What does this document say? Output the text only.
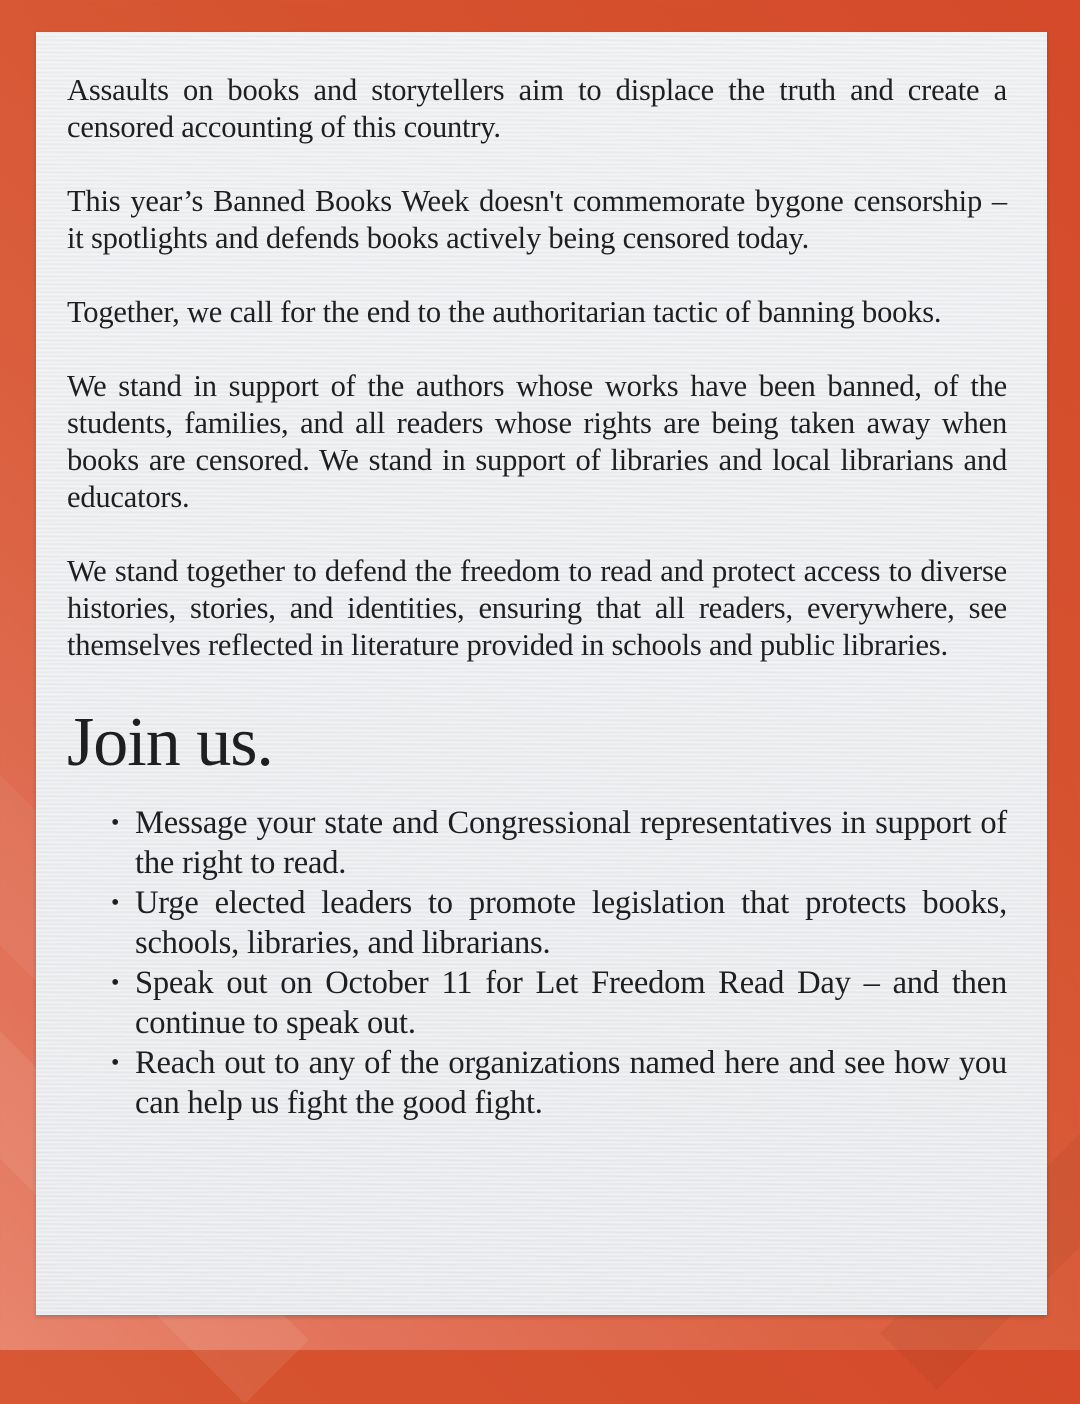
Assaults on books and storytellers aim to displace the truth and create a censored accounting of this country.

This year’s Banned Books Week doesn't commemorate bygone censorship – it spotlights and defends books actively being censored today.

Together, we call for the end to the authoritarian tactic of banning books.

We stand in support of the authors whose works have been banned, of the students, families, and all readers whose rights are being taken away when books are censored. We stand in support of libraries and local librarians and educators.

We stand together to defend the freedom to read and protect access to diverse histories, stories, and identities, ensuring that all readers, everywhere, see themselves reflected in literature provided in schools and public libraries.

Join us.
• Message your state and Congressional representatives in support of the right to read.
• Urge elected leaders to promote legislation that protects books, schools, libraries, and librarians.
• Speak out on October 11 for Let Freedom Read Day – and then continue to speak out.
• Reach out to any of the organizations named here and see how you can help us fight the good fight.
